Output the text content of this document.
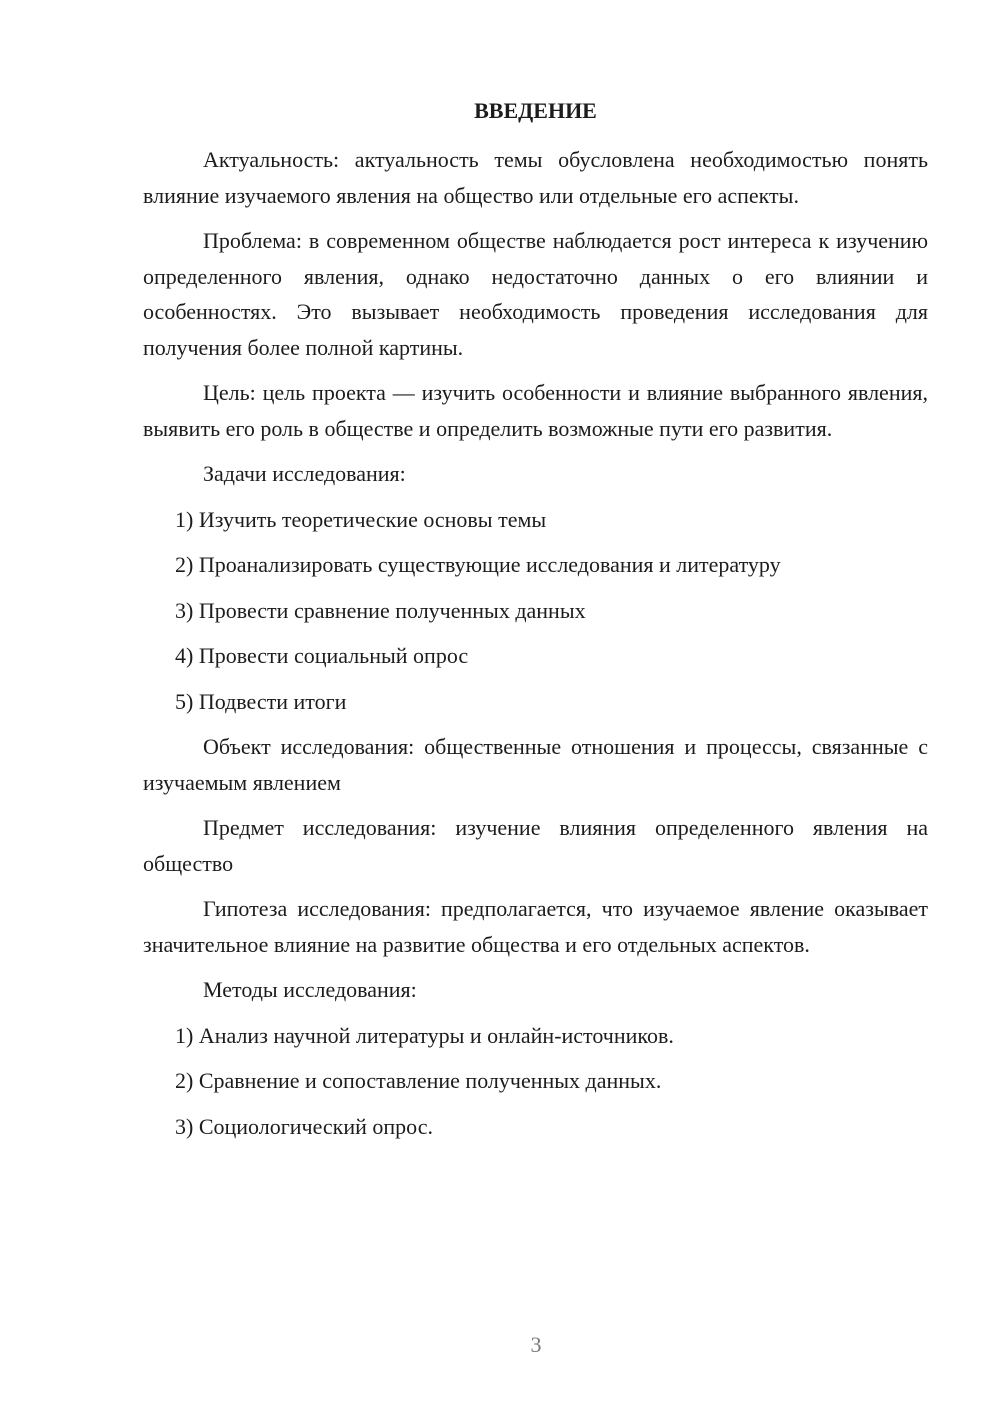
ВВЕДЕНИЕ

Актуальность: актуальность темы обусловлена необходимостью понять влияние изучаемого явления на общество или отдельные его аспекты.

Проблема: в современном обществе наблюдается рост интереса к изучению определенного явления, однако недостаточно данных о его влиянии и особенностях. Это вызывает необходимость проведения исследования для получения более полной картины.

Цель: цель проекта — изучить особенности и влияние выбранного явления, выявить его роль в обществе и определить возможные пути его развития.

Задачи исследования:

1) Изучить теоретические основы темы
2) Проанализировать существующие исследования и литературу
3) Провести сравнение полученных данных
4) Провести социальный опрос
5) Подвести итоги

Объект исследования: общественные отношения и процессы, связанные с изучаемым явлением

Предмет исследования: изучение влияния определенного явления на общество

Гипотеза исследования: предполагается, что изучаемое явление оказывает значительное влияние на развитие общества и его отдельных аспектов.

Методы исследования:

1) Анализ научной литературы и онлайн-источников.
2) Сравнение и сопоставление полученных данных.
3) Социологический опрос.
3
